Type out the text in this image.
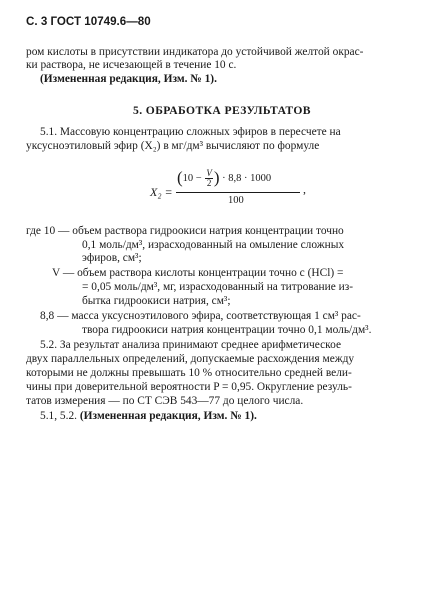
С. 3 ГОСТ 10749.6—80
ром кислоты в присутствии индикатора до устойчивой желтой окрас-
ки раствора, не исчезающей в течение 10 с.
(Измененная редакция, Изм. № 1).
5. ОБРАБОТКА РЕЗУЛЬТАТОВ
5.1. Массовую концентрацию сложных эфиров в пересчете на
уксусноэтиловый эфир (X₂) в мг/дм³ вычисляют по формуле
X₂ =
($10 - \frac{V}{2}$ ) · 8,8 · 1000
100
,
где 10 — объем раствора гидроокиси натрия концентрации точно
0,1 моль/дм³, израсходованный на омыление сложных
эфиров, см³;
V — объем раствора кислоты концентрации точно с (HCl) =
= 0,05 моль/дм³, мг, израсходованный на титрование из-
бытка гидроокиси натрия, см³;
8,8 — масса уксусноэтилового эфира, соответствующая 1 см³ рас-
твора гидроокиси натрия концентрации точно 0,1 моль/дм³.
5.2. За результат анализа принимают среднее арифметическое
двух параллельных определений, допускаемые расхождения между
которыми не должны превышать 10 % относительно средней вели-
чины при доверительной вероятности P = 0,95. Округление резуль-
татов измерения — по СТ СЭВ 543—77 до целого числа.
5.1, 5.2. (Измененная редакция, Изм. № 1).
